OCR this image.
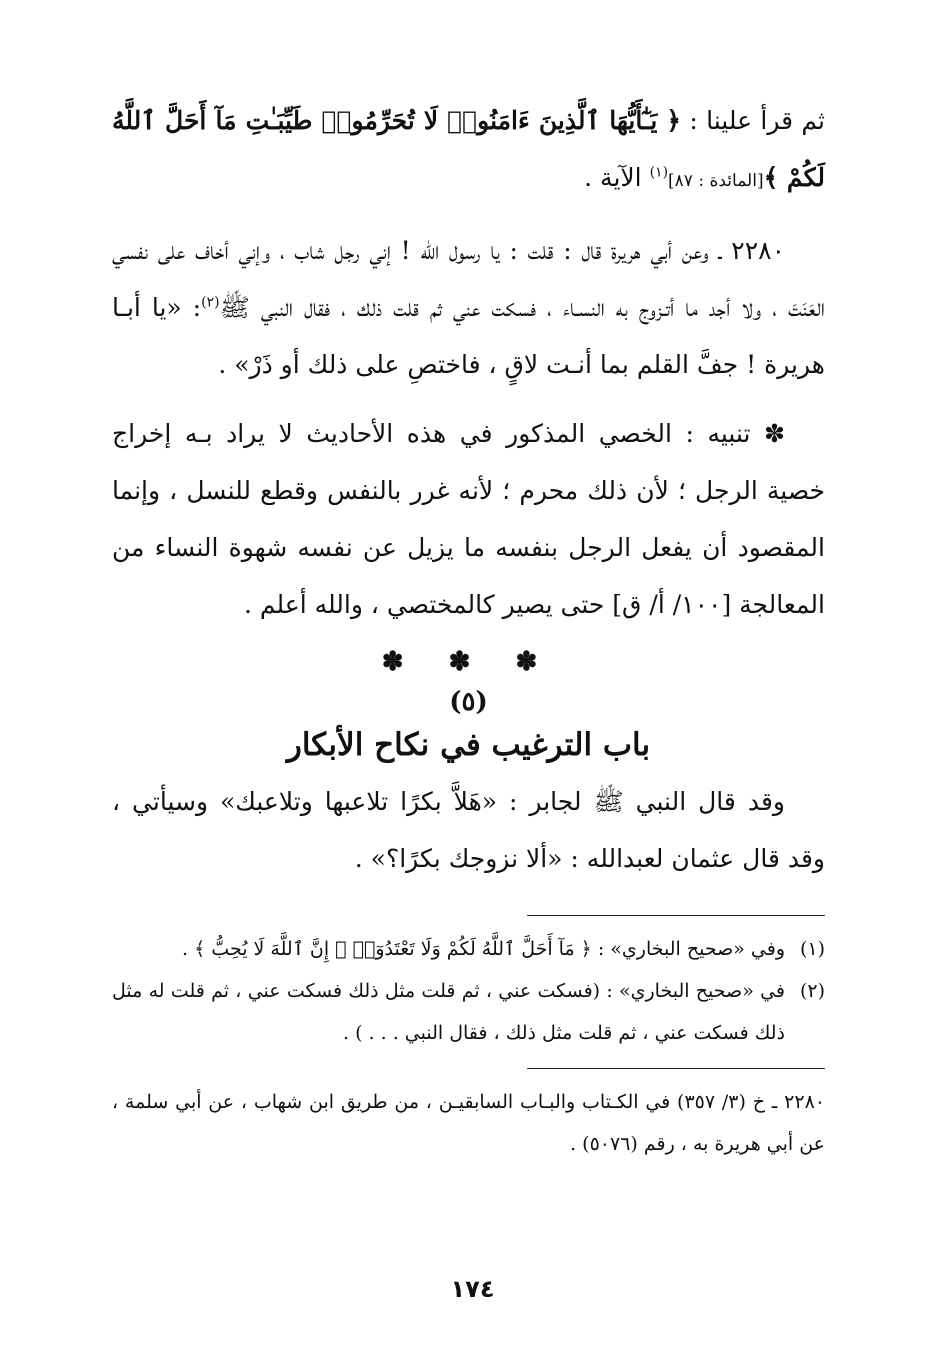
ثم قرأ علينا : ﴿ يَـٰٓأَيُّهَا ٱلَّذِينَ ءَامَنُوا۟ لَا تُحَرِّمُوا۟ طَيِّبَـٰتِ مَآ أَحَلَّ ٱللَّهُ لَكُمْ ﴾[المائدة : ٨٧]$^{(١)}$ الآية .

٢٢٨٠ ـ وعن أبي هريرة قال : قلت : يا رسول الله ! إني رجل شاب ، وإني أخاف على نفسي العَنَتَ ، ولا أجد ما أتـزوج به النسـاء ، فسكت عني ثم قلت ذلك ، فقال النبي ﷺ$^{(٢)}$: «يا أبـا هريرة ! جفَّ القلم بما أنـت لاقٍ ، فاختصِ على ذلك أو ذَرْ» .

✽ تنبيه : الخصي المذكور في هذه الأحاديث لا يراد بـه إخراج خصية الرجل ؛ لأن ذلك محرم ؛ لأنه غرر بالنفس وقطع للنسل ، وإنما المقصود أن يفعل الرجل بنفسه ما يزيل عن نفسه شهوة النساء من المعالجة [١٠٠/ أ/ ق] حتى يصير كالمختصي ، والله أعلم .

✽ ✽ ✽
(٥)
باب الترغيب في نكاح الأبكار

وقد قال النبي ﷺ لجابر : «هَلاَّ بكرًا تلاعبها وتلاعبك» وسيأتي ، وقد قال عثمان لعبدالله : «ألا نزوجك بكرًا؟» .

(١)
وفي «صحيح البخاري» : ﴿ مَآ أَحَلَّ ٱللَّهُ لَكُمْ وَلَا تَعْتَدُوٓا۟ ۚ إِنَّ ٱللَّهَ لَا يُحِبُّ ﴾ .
(٢)
في «صحيح البخاري» : (فسكت عني ، ثم قلت مثل ذلك فسكت عني ، ثم قلت له مثل ذلك فسكت عني ، ثم قلت مثل ذلك ، فقال النبي . . . ) .

٢٢٨٠ ـ خ (٣/ ٣٥٧) في الكـتاب والبـاب السابقيـن ، من طريق ابن شهاب ، عن أبي سلمة ، عن أبي هريرة به ، رقم (٥٠٧٦) .

١٧٤
